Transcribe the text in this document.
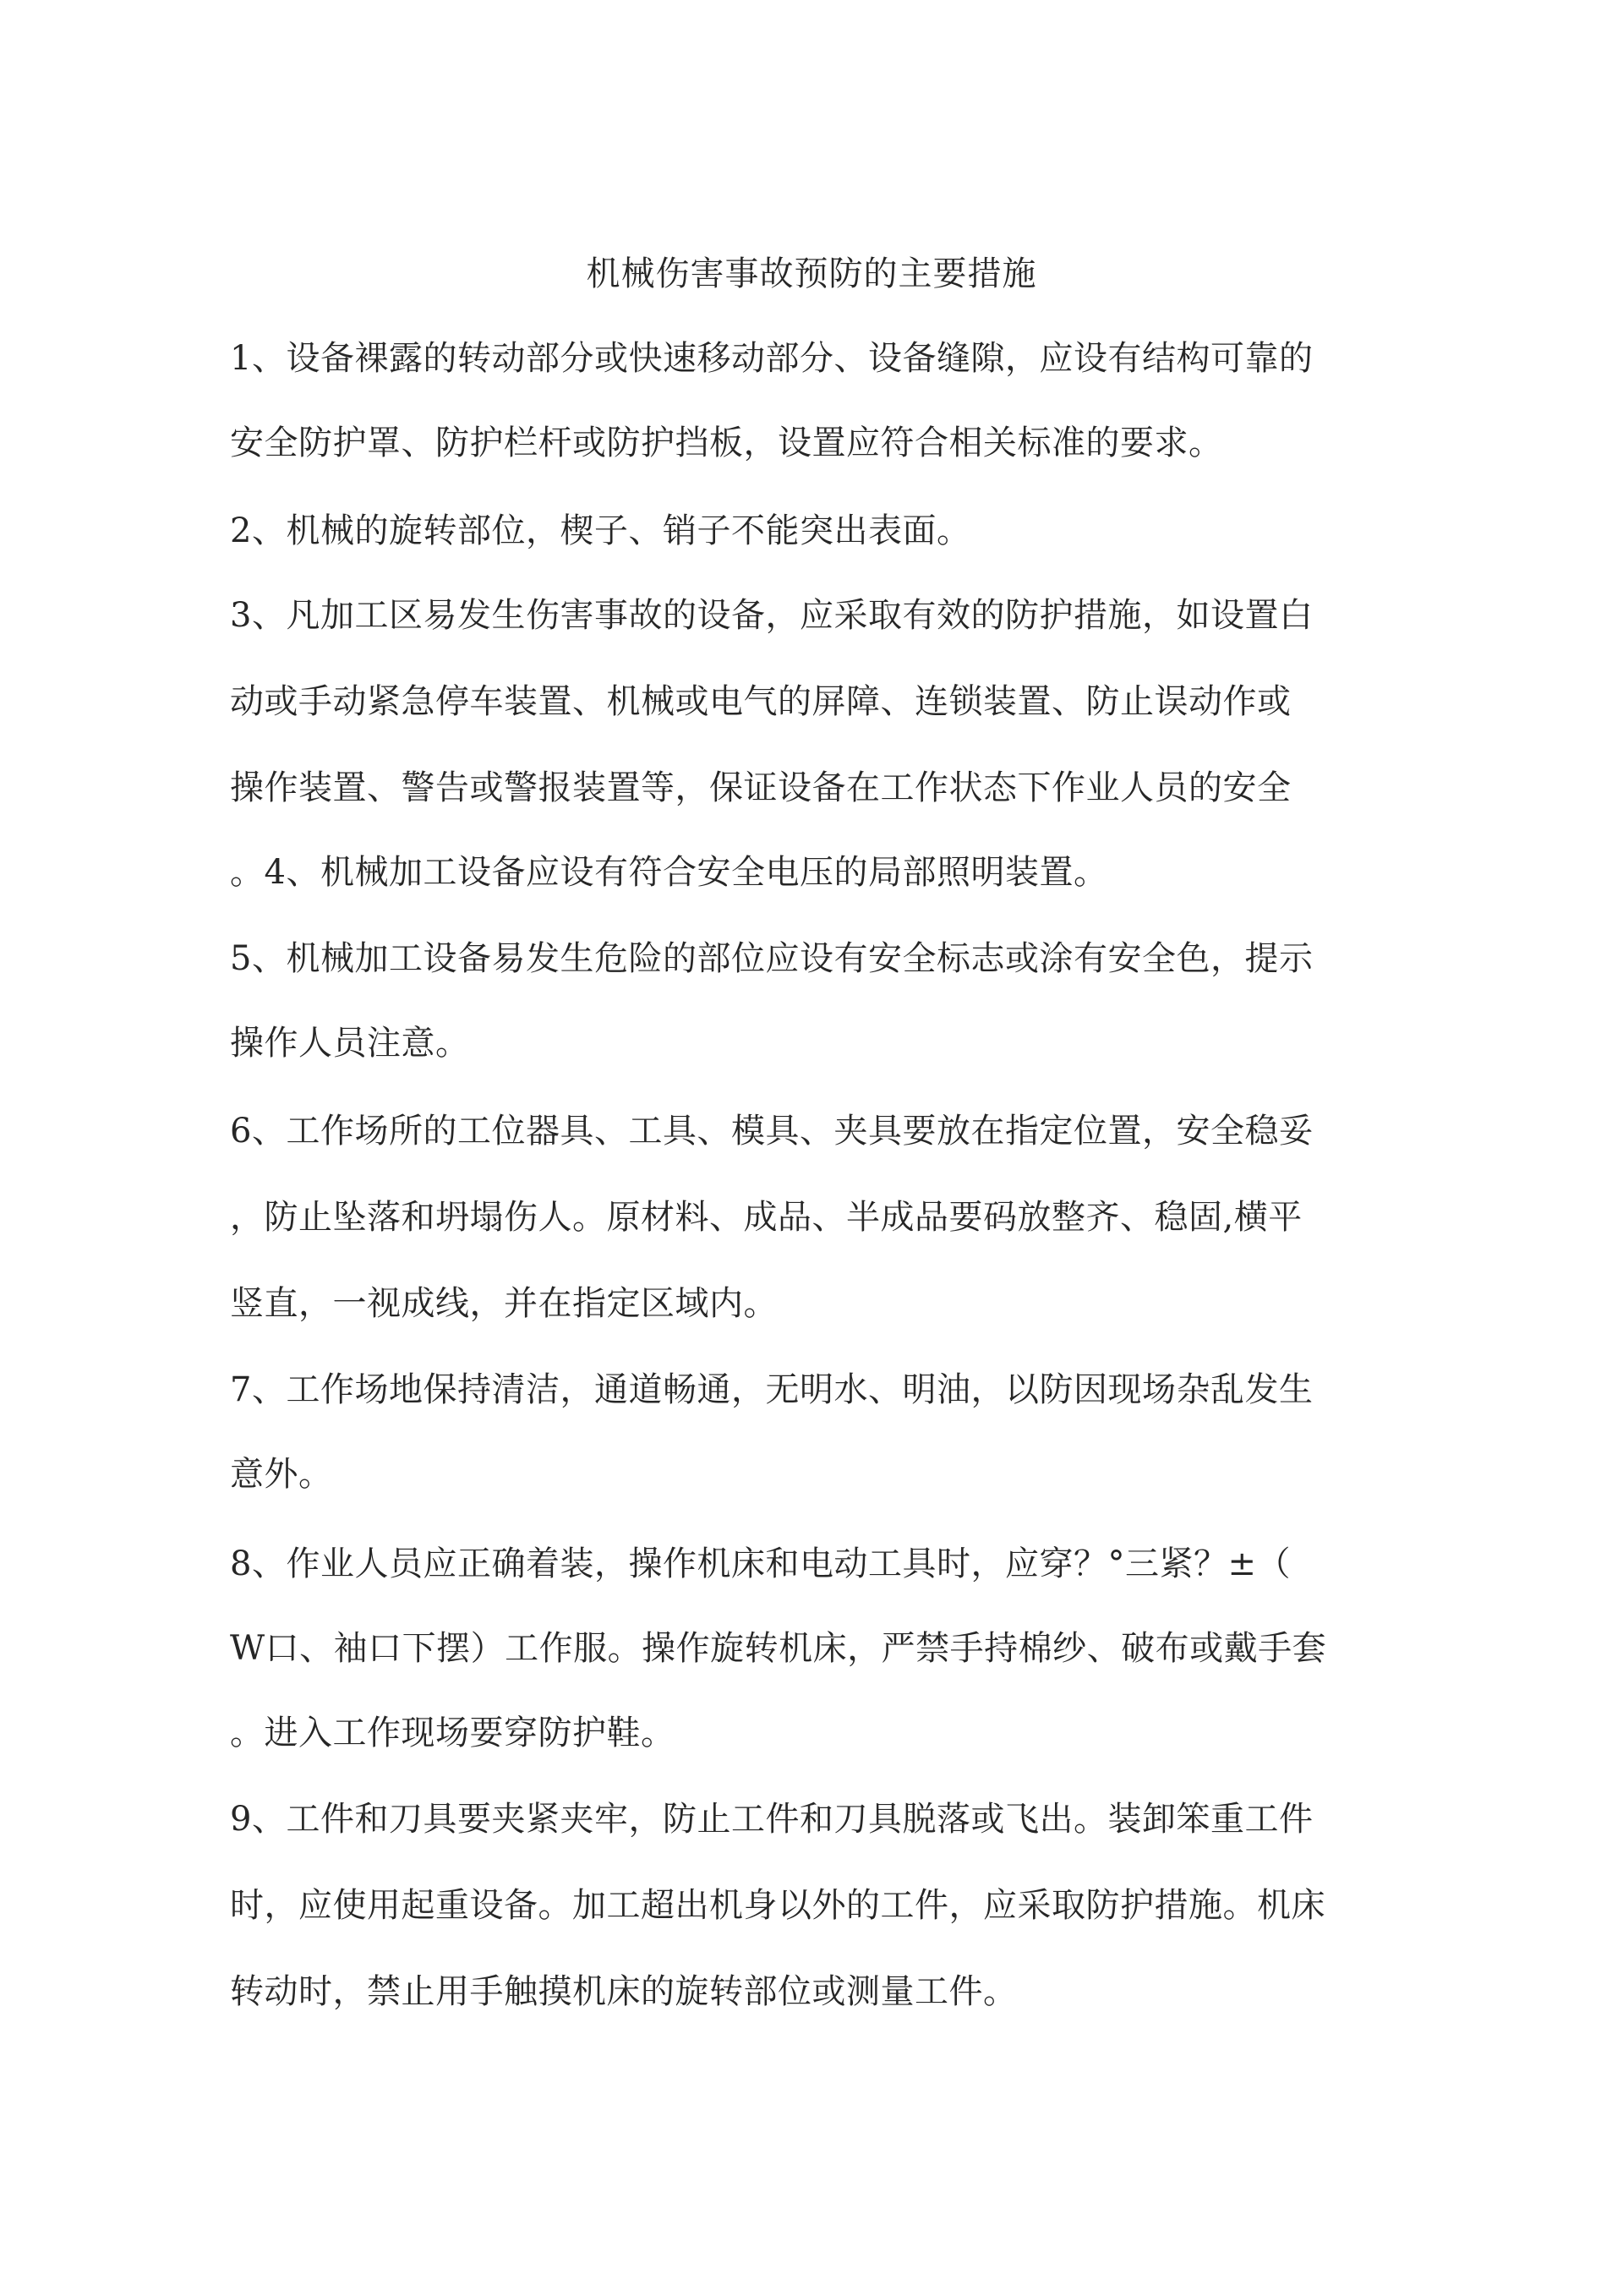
机械伤害事故预防的主要措施
1、设备裸露的转动部分或快速移动部分、设备缝隙，应设有结构可靠的
安全防护罩、防护栏杆或防护挡板，设置应符合相关标准的要求。
2、机械的旋转部位，楔子、销子不能突出表面。
3、凡加工区易发生伤害事故的设备，应采取有效的防护措施，如设置白
动或手动紧急停车装置、机械或电气的屏障、连锁装置、防止误动作或
操作装置、警告或警报装置等，保证设备在工作状态下作业人员的安全
。4、机械加工设备应设有符合安全电压的局部照明装置。
5、机械加工设备易发生危险的部位应设有安全标志或涂有安全色，提示
操作人员注意。
6、工作场所的工位器具、工具、模具、夹具要放在指定位置，安全稳妥
，防止坠落和坍塌伤人。原材料、成品、半成品要码放整齐、稳固,横平
竖直，一视成线，并在指定区域内。
7、工作场地保持清洁，通道畅通，无明水、明油，以防因现场杂乱发生
意外。
8、作业人员应正确着装，操作机床和电动工具时，应穿？°三紧？±（
W口、袖口下摆）工作服。操作旋转机床，严禁手持棉纱、破布或戴手套
。进入工作现场要穿防护鞋。
9、工件和刀具要夹紧夹牢，防止工件和刀具脱落或飞出。装卸笨重工件
时，应使用起重设备。加工超出机身以外的工件，应采取防护措施。机床
转动时，禁止用手触摸机床的旋转部位或测量工件。
